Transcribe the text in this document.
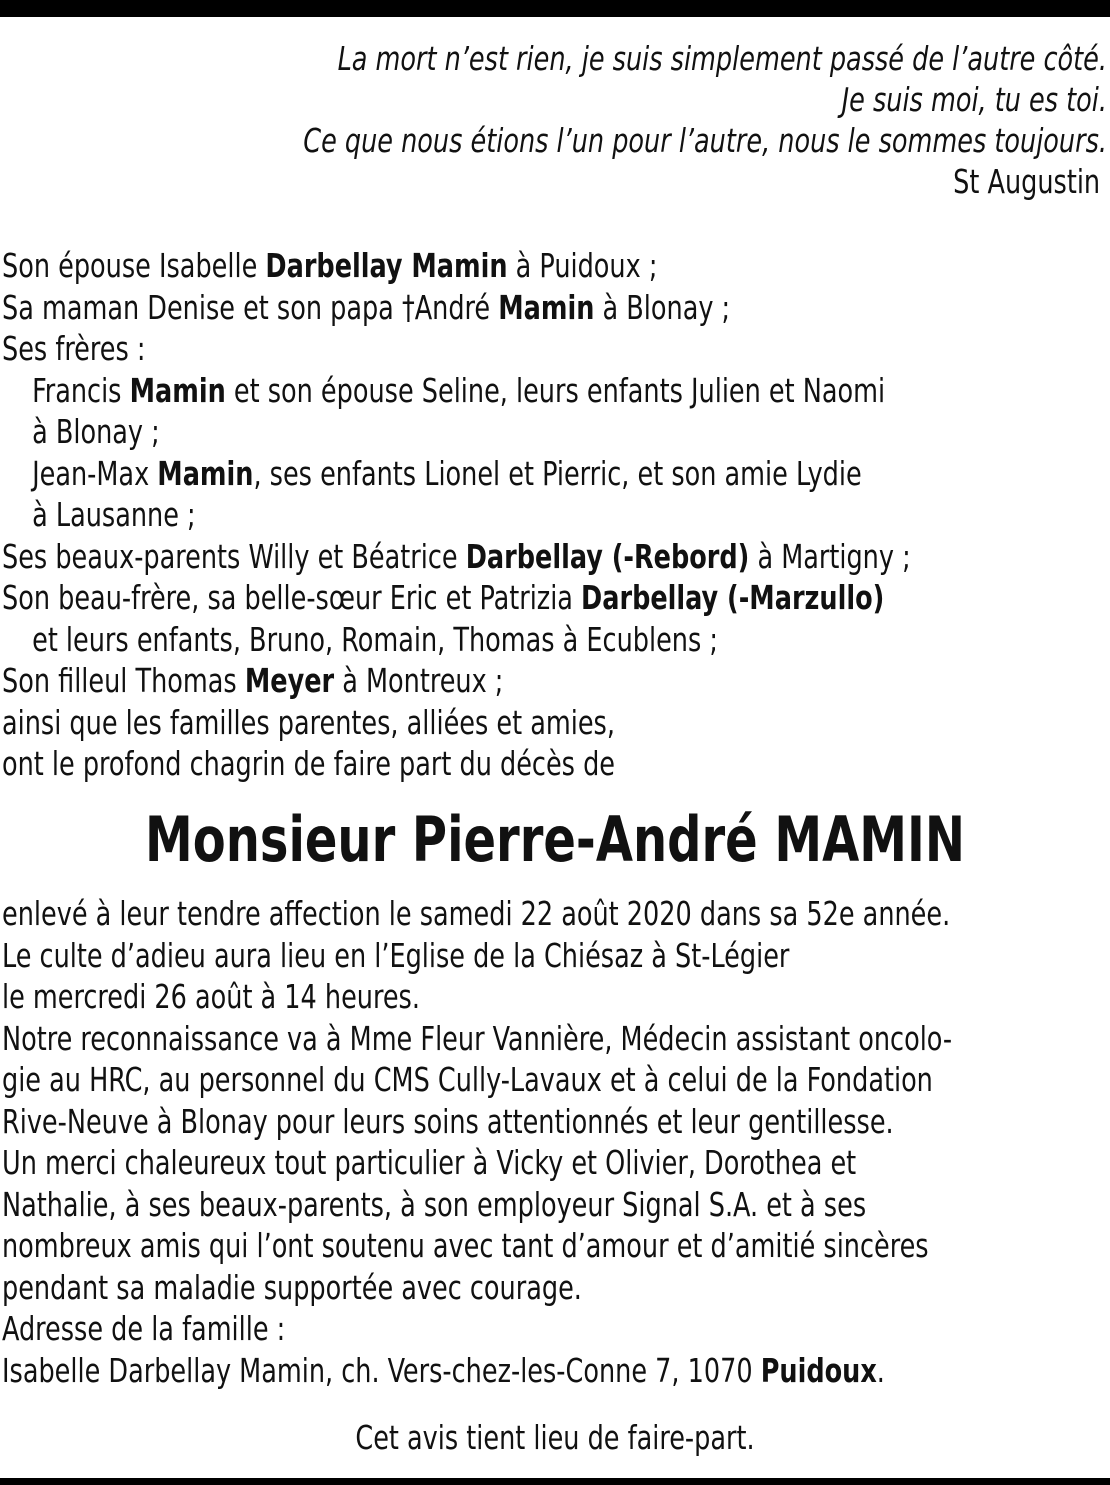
La mort n’est rien, je suis simplement passé de l’autre côté.
Je suis moi, tu es toi.
Ce que nous étions l’un pour l’autre, nous le sommes toujours.
St Augustin
Son épouse Isabelle Darbellay Mamin à Puidoux ;
Sa maman Denise et son papa †André Mamin à Blonay ;
Ses frères :
Francis Mamin et son épouse Seline, leurs enfants Julien et Naomi
à Blonay ;
Jean-Max Mamin, ses enfants Lionel et Pierric, et son amie Lydie
à Lausanne ;
Ses beaux-parents Willy et Béatrice Darbellay (-Rebord) à Martigny ;
Son beau-frère, sa belle-sœur Eric et Patrizia Darbellay (-Marzullo)
et leurs enfants, Bruno, Romain, Thomas à Ecublens ;
Son filleul Thomas Meyer à Montreux ;
ainsi que les familles parentes, alliées et amies,
ont le profond chagrin de faire part du décès de
Monsieur Pierre-André MAMIN
enlevé à leur tendre affection le samedi 22 août 2020 dans sa 52e année.
Le culte d’adieu aura lieu en l’Eglise de la Chiésaz à St-Légier
le mercredi 26 août à 14 heures.
Notre reconnaissance va à Mme Fleur Vannière, Médecin assistant oncolo-
gie au HRC, au personnel du CMS Cully-Lavaux et à celui de la Fondation
Rive-Neuve à Blonay pour leurs soins attentionnés et leur gentillesse.
Un merci chaleureux tout particulier à Vicky et Olivier, Dorothea et
Nathalie, à ses beaux-parents, à son employeur Signal S.A. et à ses
nombreux amis qui l’ont soutenu avec tant d’amour et d’amitié sincères
pendant sa maladie supportée avec courage.
Adresse de la famille :
Isabelle Darbellay Mamin, ch. Vers-chez-les-Conne 7, 1070 Puidoux.
Cet avis tient lieu de faire-part.
